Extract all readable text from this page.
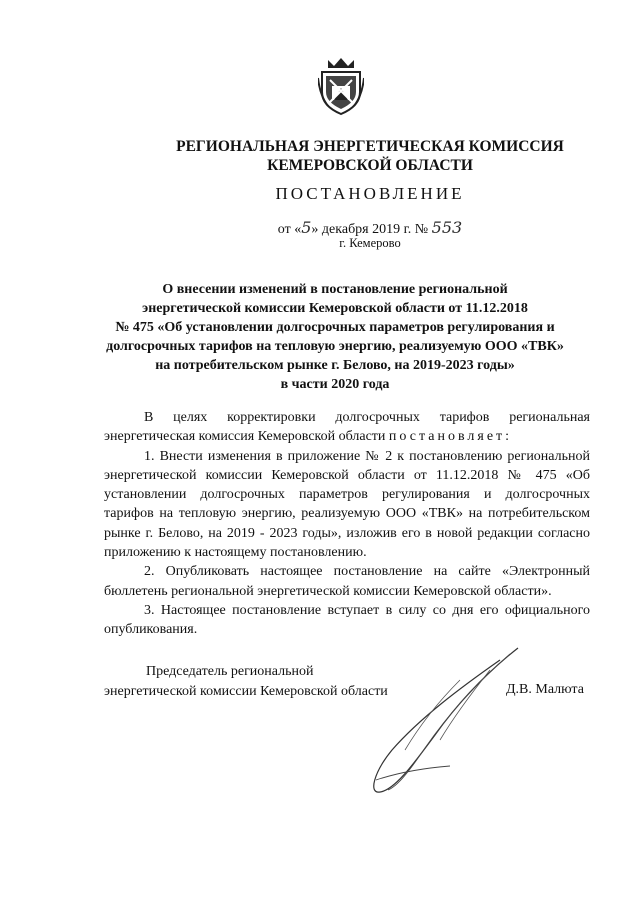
РЕГИОНАЛЬНАЯ ЭНЕРГЕТИЧЕСКАЯ КОМИССИЯ
КЕМЕРОВСКОЙ ОБЛАСТИ
ПОСТАНОВЛЕНИЕ
от «5» декабря 2019 г. № 553
г. Кемерово
О внесении изменений в постановление региональной
энергетической комиссии Кемеровской области от 11.12.2018
№ 475 «Об установлении долгосрочных параметров регулирования и
долгосрочных тарифов на тепловую энергию, реализуемую ООО «ТВК»
на потребительском рынке г. Белово, на 2019-2023 годы»
в части 2020 года

В целях корректировки долгосрочных тарифов региональная энергетическая комиссия Кемеровской области постановляет:

1. Внести изменения в приложение № 2 к постановлению региональной энергетической комиссии Кемеровской области от 11.12.2018 № 475 «Об установлении долгосрочных параметров регулирования и долгосрочных тарифов на тепловую энергию, реализуемую ООО «ТВК» на потребительском рынке г. Белово, на 2019 - 2023 годы», изложив его в новой редакции согласно приложению к настоящему постановлению.

2. Опубликовать настоящее постановление на сайте «Электронный бюллетень региональной энергетической комиссии Кемеровской области».

3. Настоящее постановление вступает в силу со дня его официального опубликования.

Председатель региональной
энергетической комиссии Кемеровской области	Д.В. Малюта
